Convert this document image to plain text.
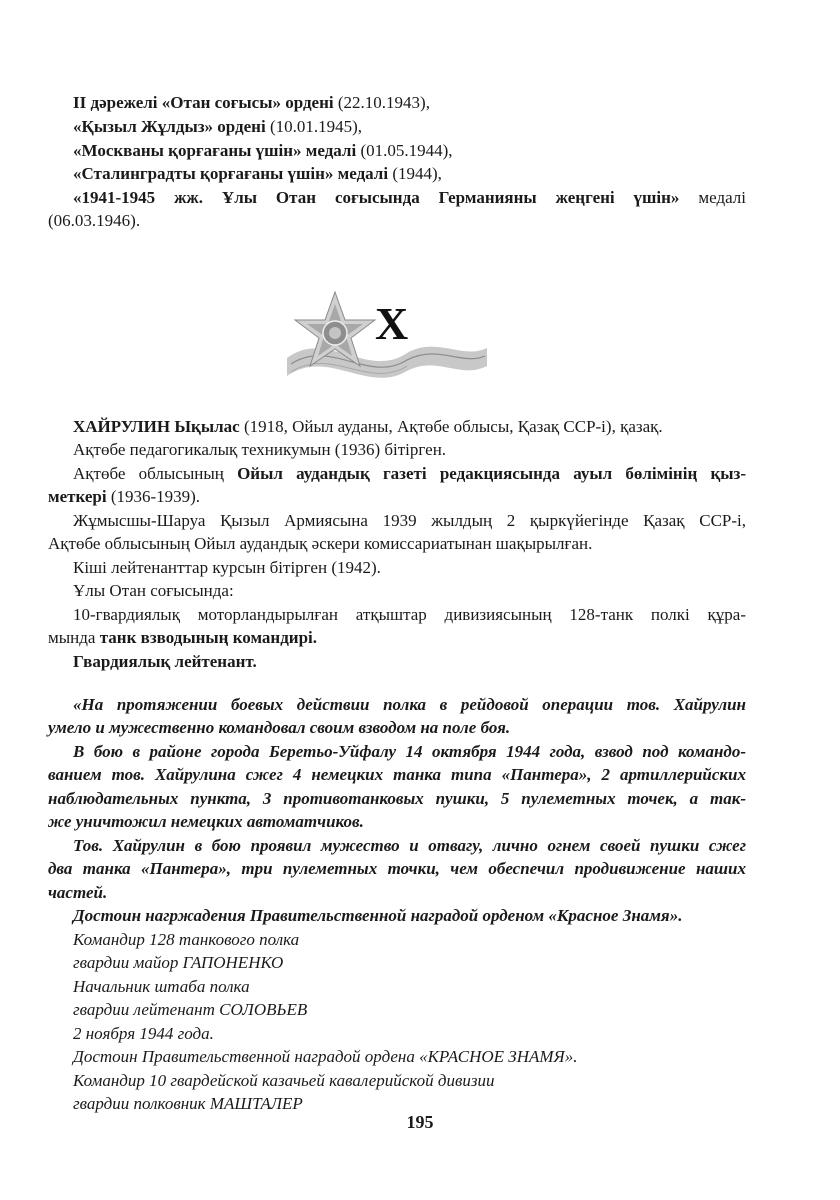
ІІ дәрежелі «Отан соғысы» ордені (22.10.1943),
«Қызыл Жұлдыз» ордені (10.01.1945),
«Москваны қорғағаны үшін» медалі (01.05.1944),
«Сталинградты қорғағаны үшін» медалі (1944),
«1941-1945 жж. Ұлы Отан соғысында Германияны жеңгені үшін» медалі
(06.03.1946).
Х
ХАЙРУЛИН Ықылас (1918, Ойыл ауданы, Ақтөбе облысы, Қазақ ССР-і), қазақ.
Ақтөбе педагогикалық техникумын (1936) бітірген.
Ақтөбе облысының Ойыл аудандық газеті редакциясында ауыл бөлімінің қыз-
меткері (1936-1939).
Жұмысшы-Шаруа Қызыл Армиясына 1939 жылдың 2 қыркүйегінде Қазақ ССР-і,
Ақтөбе облысының Ойыл аудандық әскери комиссариатынан шақырылған.
Кіші лейтенанттар курсын бітірген (1942).
Ұлы Отан соғысында:
10-гвардиялық моторландырылған атқыштар дивизиясының 128-танк полкі құра-
мында танк взводының командирі.
Гвардиялық лейтенант.
«На протяжении боевых действии полка в рейдовой операции тов. Хайрулин
умело и мужественно командовал своим взводом на поле боя.
В бою в районе города Беретьо-Уйфалу 14 октября 1944 года, взвод под командо-
ванием тов. Хайрулина сжег 4 немецких танка типа «Пантера», 2 артиллерийских
наблюдательных пункта, 3 противотанковых пушки, 5 пулеметных точек, а так-
же уничтожил немецких автоматчиков.
Тов. Хайрулин в бою проявил мужество и отвагу, лично огнем своей пушки сжег
два танка «Пантера», три пулеметных точки, чем обеспечил продивижение наших
частей.
Достоин нагржадения Правительственной наградой орденом «Красное Знамя».
Командир 128 танкового полка
гвардии майор ГАПОНЕНКО
Начальник штаба полка
гвардии лейтенант СОЛОВЬЕВ
2 ноября 1944 года.
Достоин Правительственной наградой ордена «КРАСНОЕ ЗНАМЯ».
Командир 10 гвардейской казачьей кавалерийской дивизии
гвардии полковник МАШТАЛЕР
195
